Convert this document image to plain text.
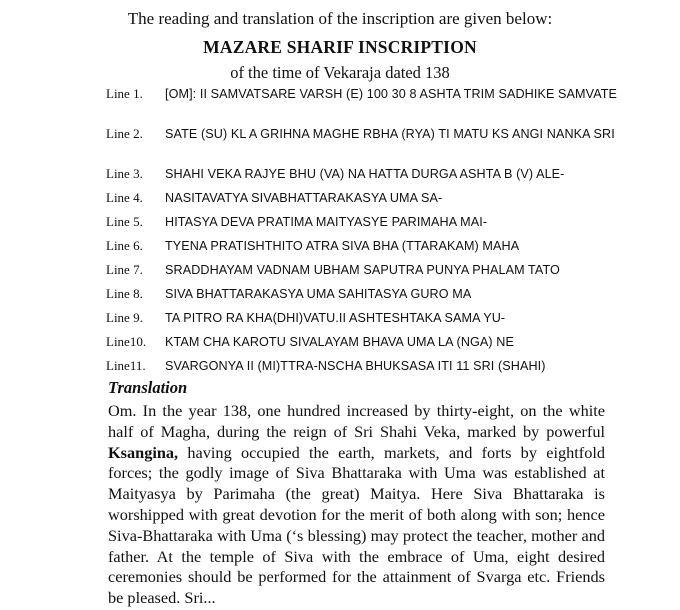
The reading and translation of the inscription are given below:
MAZARE SHARIF INSCRIPTION
of the time of Vekaraja dated 138
Line 1.	[OM]: II SAMVATSARE VARSH (E) 100 30 8 ASHTA TRIM SADHIKE SAMVATE
Line 2.	SATE (SU) KL A GRIHNA MAGHE RBHA (RYA) TI MATU KS ANGI NANKA SRI
Line 3.	SHAHI VEKA RAJYE BHU (VA) NA HATTA DURGA ASHTA B (V) ALE-
Line 4.	NASITAVATYA SIVABHATTARAKASYA UMA SA-
Line 5.	HITASYA DEVA PRATIMA MAITYASYE PARIMAHA MAI-
Line 6.	TYENA PRATISHTHITO ATRA SIVA BHA (TTARAKAM) MAHA
Line 7.	SRADDHAYAM VADNAM UBHAM SAPUTRA PUNYA PHALAM TATO
Line 8.	SIVA BHATTARAKASYA UMA SAHITASYA GURO MA
Line 9.	TA PITRO RA KHA(DHI)VATU.II ASHTESHTAKA SAMA YU-
Line10.	KTAM CHA KAROTU SIVALAYAM BHAVA UMA LA (NGA) NE
Line11.	SVARGONYA II (MI)TTRA-NSCHA BHUKSASA ITI 11 SRI (SHAHI)
Translation
Om. In the year 138, one hundred increased by thirty-eight, on the white half of Magha, during the reign of Sri Shahi Veka, marked by powerful Ksangina, having occupied the earth, markets, and forts by eightfold forces; the godly image of Siva Bhattaraka with Uma was established at Maityasya by Parimaha (the great) Maitya. Here Siva Bhattaraka is worshipped with great devotion for the merit of both along with son; hence Siva-Bhattaraka with Uma (‘s blessing) may protect the teacher, mother and father. At the temple of Siva with the embrace of Uma, eight desired ceremonies should be performed for the attainment of Svarga etc. Friends be pleased. Sri...
